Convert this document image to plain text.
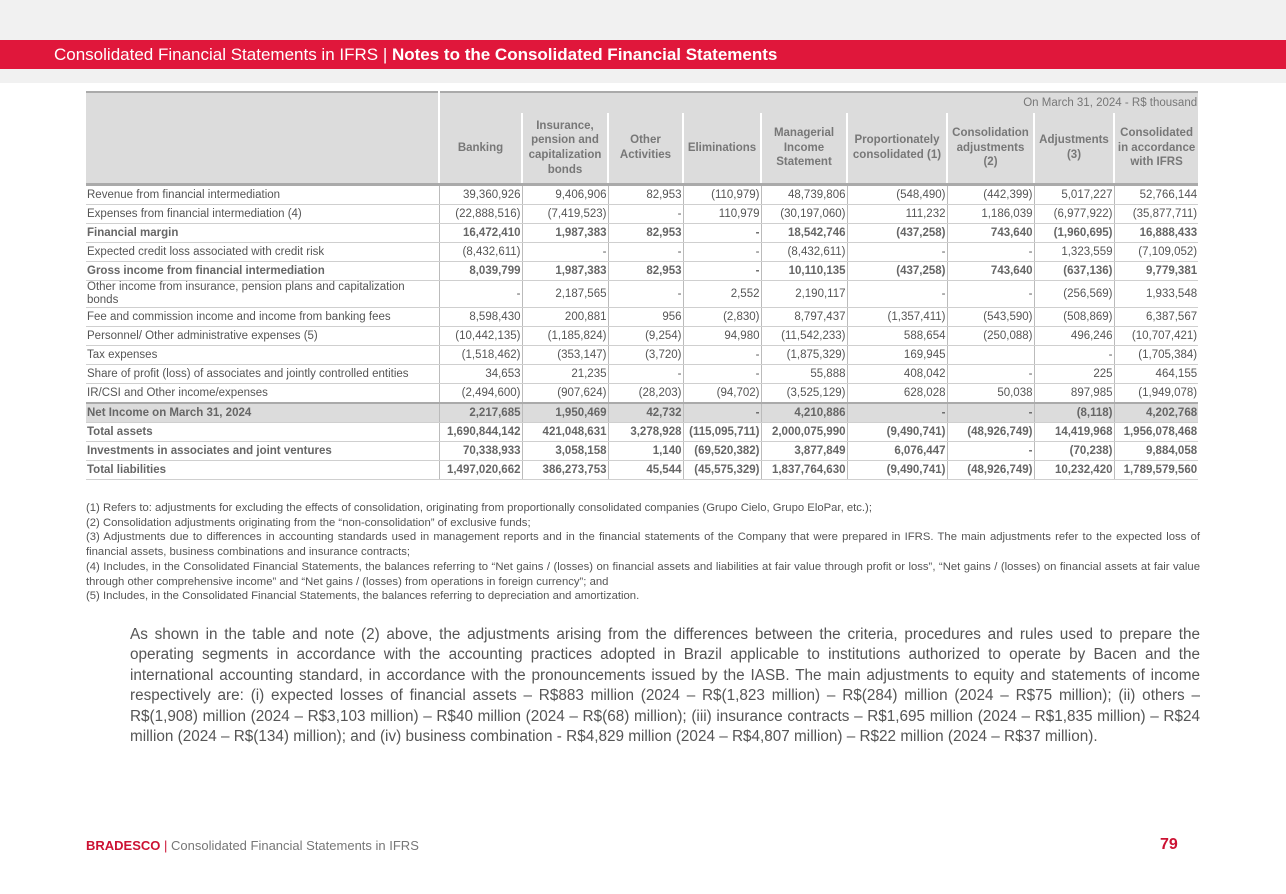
Consolidated Financial Statements in IFRS | Notes to the Consolidated Financial Statements
	On March 31, 2024 - R$ thousand								
	Banking	Insurance, pension and capitalization bonds	Other Activities	Eliminations	Managerial Income Statement	Proportionately consolidated (1)	Consolidation adjustments (2)	Adjustments (3)	Consolidated in accordance with IFRS
Revenue from financial intermediation	39,360,926	9,406,906	82,953	(110,979)	48,739,806	(548,490)	(442,399)	5,017,227	52,766,144
Expenses from financial intermediation (4)	(22,888,516)	(7,419,523)	-	110,979	(30,197,060)	111,232	1,186,039	(6,977,922)	(35,877,711)
Financial margin	16,472,410	1,987,383	82,953	-	18,542,746	(437,258)	743,640	(1,960,695)	16,888,433
Expected credit loss associated with credit risk	(8,432,611)	-	-	-	(8,432,611)	-	-	1,323,559	(7,109,052)
Gross income from financial intermediation	8,039,799	1,987,383	82,953	-	10,110,135	(437,258)	743,640	(637,136)	9,779,381
Other income from insurance, pension plans and capitalization bonds	-	2,187,565	-	2,552	2,190,117	-	-	(256,569)	1,933,548
Fee and commission income and income from banking fees	8,598,430	200,881	956	(2,830)	8,797,437	(1,357,411)	(543,590)	(508,869)	6,387,567
Personnel/ Other administrative expenses (5)	(10,442,135)	(1,185,824)	(9,254)	94,980	(11,542,233)	588,654	(250,088)	496,246	(10,707,421)
Tax expenses	(1,518,462)	(353,147)	(3,720)	-	(1,875,329)	169,945		-	(1,705,384)
Share of profit (loss) of associates and jointly controlled entities	34,653	21,235	-	-	55,888	408,042	-	225	464,155
IR/CSI and Other income/expenses	(2,494,600)	(907,624)	(28,203)	(94,702)	(3,525,129)	628,028	50,038	897,985	(1,949,078)
Net Income on March 31, 2024	2,217,685	1,950,469	42,732	-	4,210,886	-	-	(8,118)	4,202,768
Total assets	1,690,844,142	421,048,631	3,278,928	(115,095,711)	2,000,075,990	(9,490,741)	(48,926,749)	14,419,968	1,956,078,468
Investments in associates and joint ventures	70,338,933	3,058,158	1,140	(69,520,382)	3,877,849	6,076,447	-	(70,238)	9,884,058
Total liabilities	1,497,020,662	386,273,753	45,544	(45,575,329)	1,837,764,630	(9,490,741)	(48,926,749)	10,232,420	1,789,579,560

(1) Refers to: adjustments for excluding the effects of consolidation, originating from proportionally consolidated companies (Grupo Cielo, Grupo EloPar, etc.);

(2) Consolidation adjustments originating from the “non-consolidation” of exclusive funds;

(3) Adjustments due to differences in accounting standards used in management reports and in the financial statements of the Company that were prepared in IFRS. The main adjustments refer to the expected loss of financial assets, business combinations and insurance contracts;

(4) Includes, in the Consolidated Financial Statements, the balances referring to “Net gains / (losses) on financial assets and liabilities at fair value through profit or loss”, “Net gains / (losses) on financial assets at fair value through other comprehensive income” and “Net gains / (losses) from operations in foreign currency”; and

(5) Includes, in the Consolidated Financial Statements, the balances referring to depreciation and amortization.

As shown in the table and note (2) above, the adjustments arising from the differences between the criteria, procedures and rules used to prepare the operating segments in accordance with the accounting practices adopted in Brazil applicable to institutions authorized to operate by Bacen and the international accounting standard, in accordance with the pronouncements issued by the IASB. The main adjustments to equity and statements of income respectively are: (i) expected losses of financial assets – R$883 million (2024 – R$(1,823 million) – R$(284) million (2024 – R$75 million); (ii) others – R$(1,908) million (2024 – R$3,103 million) – R$40 million (2024 – R$(68) million); (iii) insurance contracts – R$1,695 million (2024 – R$1,835 million) – R$24 million (2024 – R$(134) million); and (iv) business combination - R$4,829 million (2024 – R$4,807 million) – R$22 million (2024 – R$37 million).

BRADESCO | Consolidated Financial Statements in IFRS	79
